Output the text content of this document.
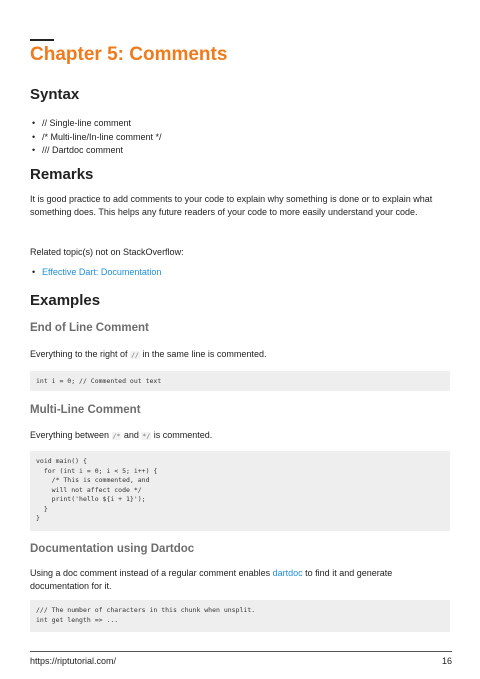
Chapter 5: Comments
Syntax
• // Single-line comment
• /* Multi-line/In-line comment */
• /// Dartdoc comment
Remarks

It is good practice to add comments to your code to explain why something is done or to explain what something does. This helps any future readers of your code to more easily understand your code.

Related topic(s) not on StackOverflow:

• Effective Dart: Documentation
Examples
End of Line Comment

Everything to the right of // in the same line is commented.

int i = 0; // Commented out text
Multi-Line Comment

Everything between /* and */ is commented.

void main() {
for (int i = 0; i < 5; i++) {
/* This is commented, and
will not affect code */
print('hello ${i + 1}');
}
}
Documentation using Dartdoc

Using a doc comment instead of a regular comment enables dartdoc to find it and generate documentation for it.

/// The number of characters in this chunk when unsplit.
int get length => ...
https://riptutorial.com/	16
